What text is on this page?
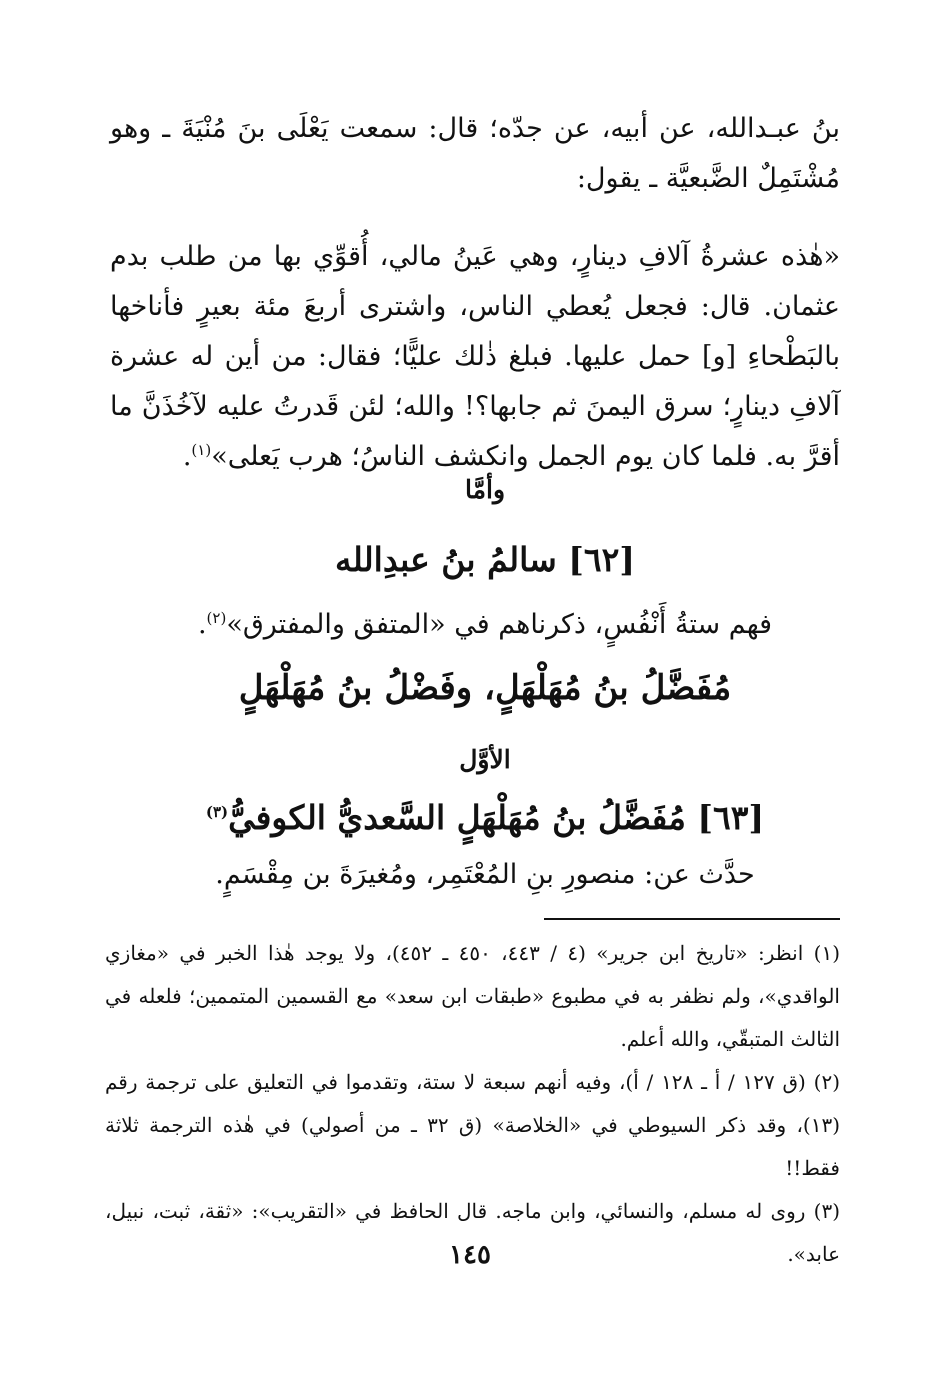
بنُ عبـدالله، عن أبيه، عن جدّه؛ قال: سمعت يَعْلَى بنَ مُنْيَةَ ـ وهو مُشْتَمِلٌ الضَّبعيَّة ـ يقول:

«هٰذه عشرةُ آلافِ دينارٍ، وهي عَينُ مالي، أُقوِّي بها من طلب بدم عثمان. قال: فجعل يُعطي الناس، واشترى أربعَ مئة بعيرٍ فأناخها بالبَطْحاءِ [و] حمل عليها. فبلغ ذٰلك عليًّا؛ فقال: من أين له عشرة آلافِ دينارٍ؛ سرق اليمنَ ثم جابها؟! والله؛ لئن قَدرتُ عليه لآخُذَنَّ ما أقرَّ به. فلما كان يوم الجمل وانكشف الناسُ؛ هرب يَعلى»$^{(١)}$.

وأمَّا
[٦٢] سالمُ بنُ عبدِالله
فهم ستةُ أَنْفُسٍ، ذكرناهم في «المتفق والمفترق»$^{(٢)}$.
مُفَضَّلُ بنُ مُهَلْهَلٍ، وفَضْلُ بنُ مُهَلْهَلٍ
الأوَّل
[٦٣] مُفَضَّلُ بنُ مُهَلْهَلٍ السَّعديُّ الكوفيُّ$^{(٣)}$
حدَّث عن: منصورِ بنِ المُعْتَمِر، ومُغيرَةَ بن مِقْسَمٍ.

(١) انظر: «تاريخ ابن جرير» (٤ / ٤٤٣، ٤٥٠ ـ ٤٥٢)، ولا يوجد هٰذا الخبر في «مغازي الواقدي»، ولم نظفر به في مطبوع «طبقات ابن سعد» مع القسمين المتممين؛ فلعله في الثالث المتبقّي، والله أعلم.

(٢) (ق ١٢٧ / أ ـ ١٢٨ / أ)، وفيه أنهم سبعة لا ستة، وتقدموا في التعليق على ترجمة رقم (١٣)، وقد ذكر السيوطي في «الخلاصة» (ق ٣٢ ـ من أصولي) في هٰذه الترجمة ثلاثة فقط!!

(٣) روى له مسلم، والنسائي، وابن ماجه. قال الحافظ في «التقريب»: «ثقة، ثبت، نبيل، عابد».

١٤٥
